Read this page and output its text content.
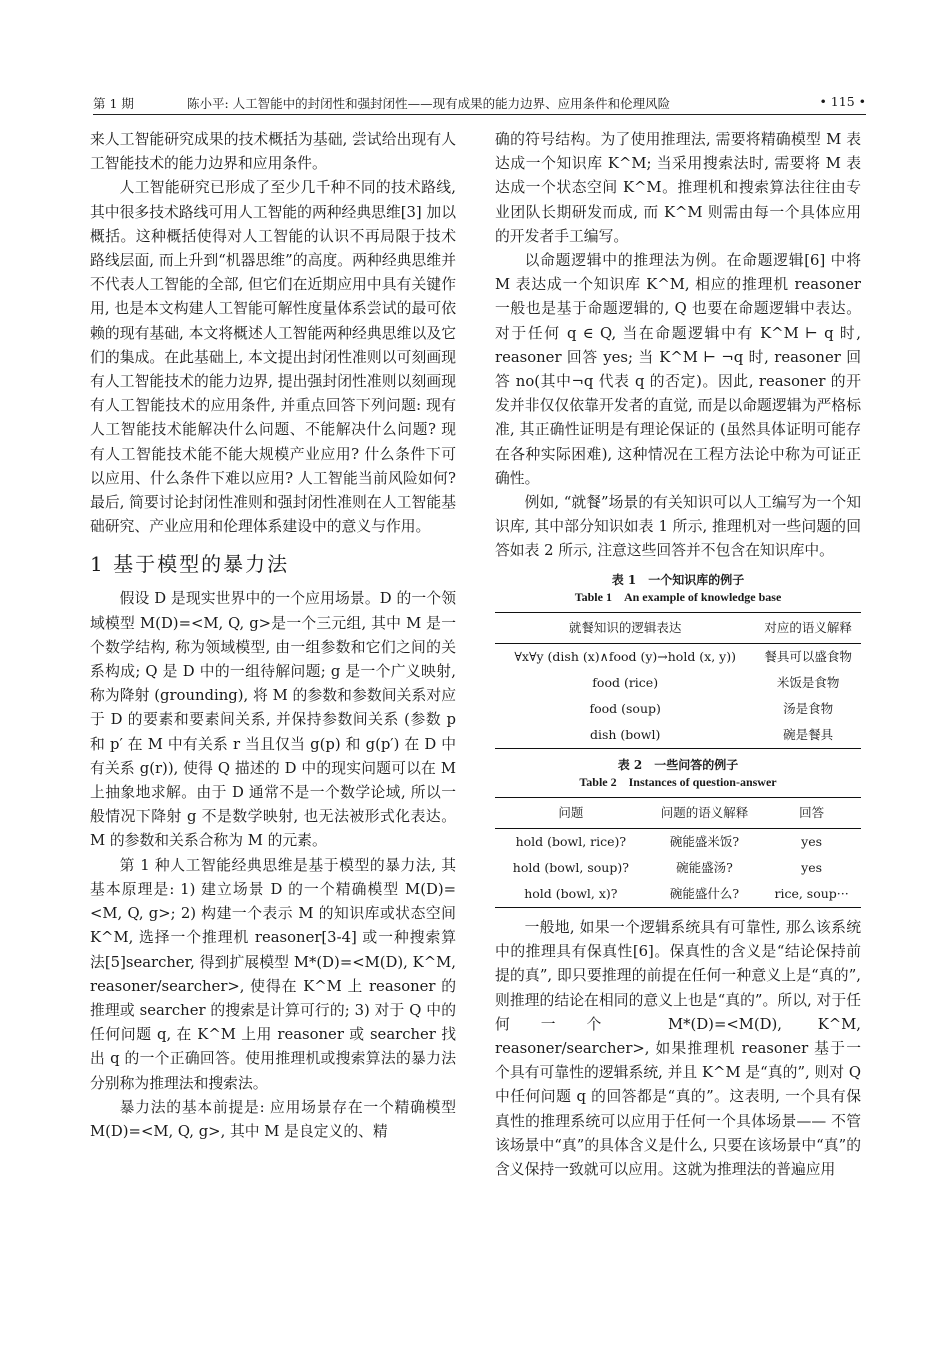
第 1 期	陈小平: 人工智能中的封闭性和强封闭性——现有成果的能力边界、应用条件和伦理风险	• 115 •

来人工智能研究成果的技术概括为基础, 尝试给出现有人工智能技术的能力边界和应用条件。

人工智能研究已形成了至少几千种不同的技术路线, 其中很多技术路线可用人工智能的两种经典思维[3] 加以概括。这种概括使得对人工智能的认识不再局限于技术路线层面, 而上升到“机器思维”的高度。两种经典思维并不代表人工智能的全部, 但它们在近期应用中具有关键作用, 也是本文构建人工智能可解性度量体系尝试的最可依赖的现有基础, 本文将概述人工智能两种经典思维以及它们的集成。在此基础上, 本文提出封闭性准则以可刻画现有人工智能技术的能力边界, 提出强封闭性准则以刻画现有人工智能技术的应用条件, 并重点回答下列问题: 现有人工智能技术能解决什么问题、不能解决什么问题? 现有人工智能技术能不能大规模产业应用? 什么条件下可以应用、什么条件下难以应用? 人工智能当前风险如何? 最后, 简要讨论封闭性准则和强封闭性准则在人工智能基础研究、产业应用和伦理体系建设中的意义与作用。

1 基于模型的暴力法

假设 D 是现实世界中的一个应用场景。D 的一个领域模型 M(D)=<M, Q, g>是一个三元组, 其中 M 是一个数学结构, 称为领域模型, 由一组参数和它们之间的关系构成; Q 是 D 中的一组待解问题; g 是一个广义映射, 称为降射 (grounding), 将 M 的参数和参数间关系对应于 D 的要素和要素间关系, 并保持参数间关系 (参数 p 和 p′ 在 M 中有关系 r 当且仅当 g(p) 和 g(p′) 在 D 中有关系 g(r)), 使得 Q 描述的 D 中的现实问题可以在 M 上抽象地求解。由于 D 通常不是一个数学论域, 所以一般情况下降射 g 不是数学映射, 也无法被形式化表达。M 的参数和关系合称为 M 的元素。

第 1 种人工智能经典思维是基于模型的暴力法, 其基本原理是: 1) 建立场景 D 的一个精确模型 M(D)=<M, Q, g>; 2) 构建一个表示 M 的知识库或状态空间 K^M, 选择一个推理机 reasoner[3-4] 或一种搜索算法[5]searcher, 得到扩展模型 M*(D)=<M(D), K^M, reasoner/searcher>, 使得在 K^M 上 reasoner 的推理或 searcher 的搜索是计算可行的; 3) 对于 Q 中的任何问题 q, 在 K^M 上用 reasoner 或 searcher 找出 q 的一个正确回答。使用推理机或搜索算法的暴力法分别称为推理法和搜索法。

暴力法的基本前提是: 应用场景存在一个精确模型 M(D)=<M, Q, g>, 其中 M 是良定义的、精

确的符号结构。为了使用推理法, 需要将精确模型 M 表达成一个知识库 K^M; 当采用搜索法时, 需要将 M 表达成一个状态空间 K^M。推理机和搜索算法往往由专业团队长期研发而成, 而 K^M 则需由每一个具体应用的开发者手工编写。

以命题逻辑中的推理法为例。在命题逻辑[6] 中将 M 表达成一个知识库 K^M, 相应的推理机 reasoner 一般也是基于命题逻辑的, Q 也要在命题逻辑中表达。对于任何 q ∈ Q, 当在命题逻辑中有 K^M ⊢ q 时, reasoner 回答 yes; 当 K^M ⊢ ¬q 时, reasoner 回答 no(其中¬q 代表 q 的否定)。因此, reasoner 的开发并非仅仅依靠开发者的直觉, 而是以命题逻辑为严格标准, 其正确性证明是有理论保证的 (虽然具体证明可能存在各种实际困难), 这种情况在工程方法论中称为可证正确性。

例如, “就餐”场景的有关知识可以人工编写为一个知识库, 其中部分知识如表 1 所示, 推理机对一些问题的回答如表 2 所示, 注意这些回答并不包含在知识库中。

表 1　一个知识库的例子
Table 1　An example of knowledge base
就餐知识的逻辑表达	对应的语义解释
∀x∀y (dish (x)∧food (y)→hold (x, y))	餐具可以盛食物
food (rice)	米饭是食物
food (soup)	汤是食物
dish (bowl)	碗是餐具
表 2　一些问答的例子
Table 2　Instances of question-answer
问题	问题的语义解释	回答
hold (bowl, rice)?	碗能盛米饭?	yes
hold (bowl, soup)?	碗能盛汤?	yes
hold (bowl, x)?	碗能盛什么?	rice, soup···

一般地, 如果一个逻辑系统具有可靠性, 那么该系统中的推理具有保真性[6]。保真性的含义是“结论保持前提的真”, 即只要推理的前提在任何一种意义上是“真的”, 则推理的结论在相同的意义上也是“真的”。所以, 对于任何一个 M*(D)=<M(D), K^M, reasoner/searcher>, 如果推理机 reasoner 基于一个具有可靠性的逻辑系统, 并且 K^M 是“真的”, 则对 Q 中任何问题 q 的回答都是“真的”。这表明, 一个具有保真性的推理系统可以应用于任何一个具体场景—— 不管该场景中“真”的具体含义是什么, 只要在该场景中“真”的含义保持一致就可以应用。这就为推理法的普遍应用
